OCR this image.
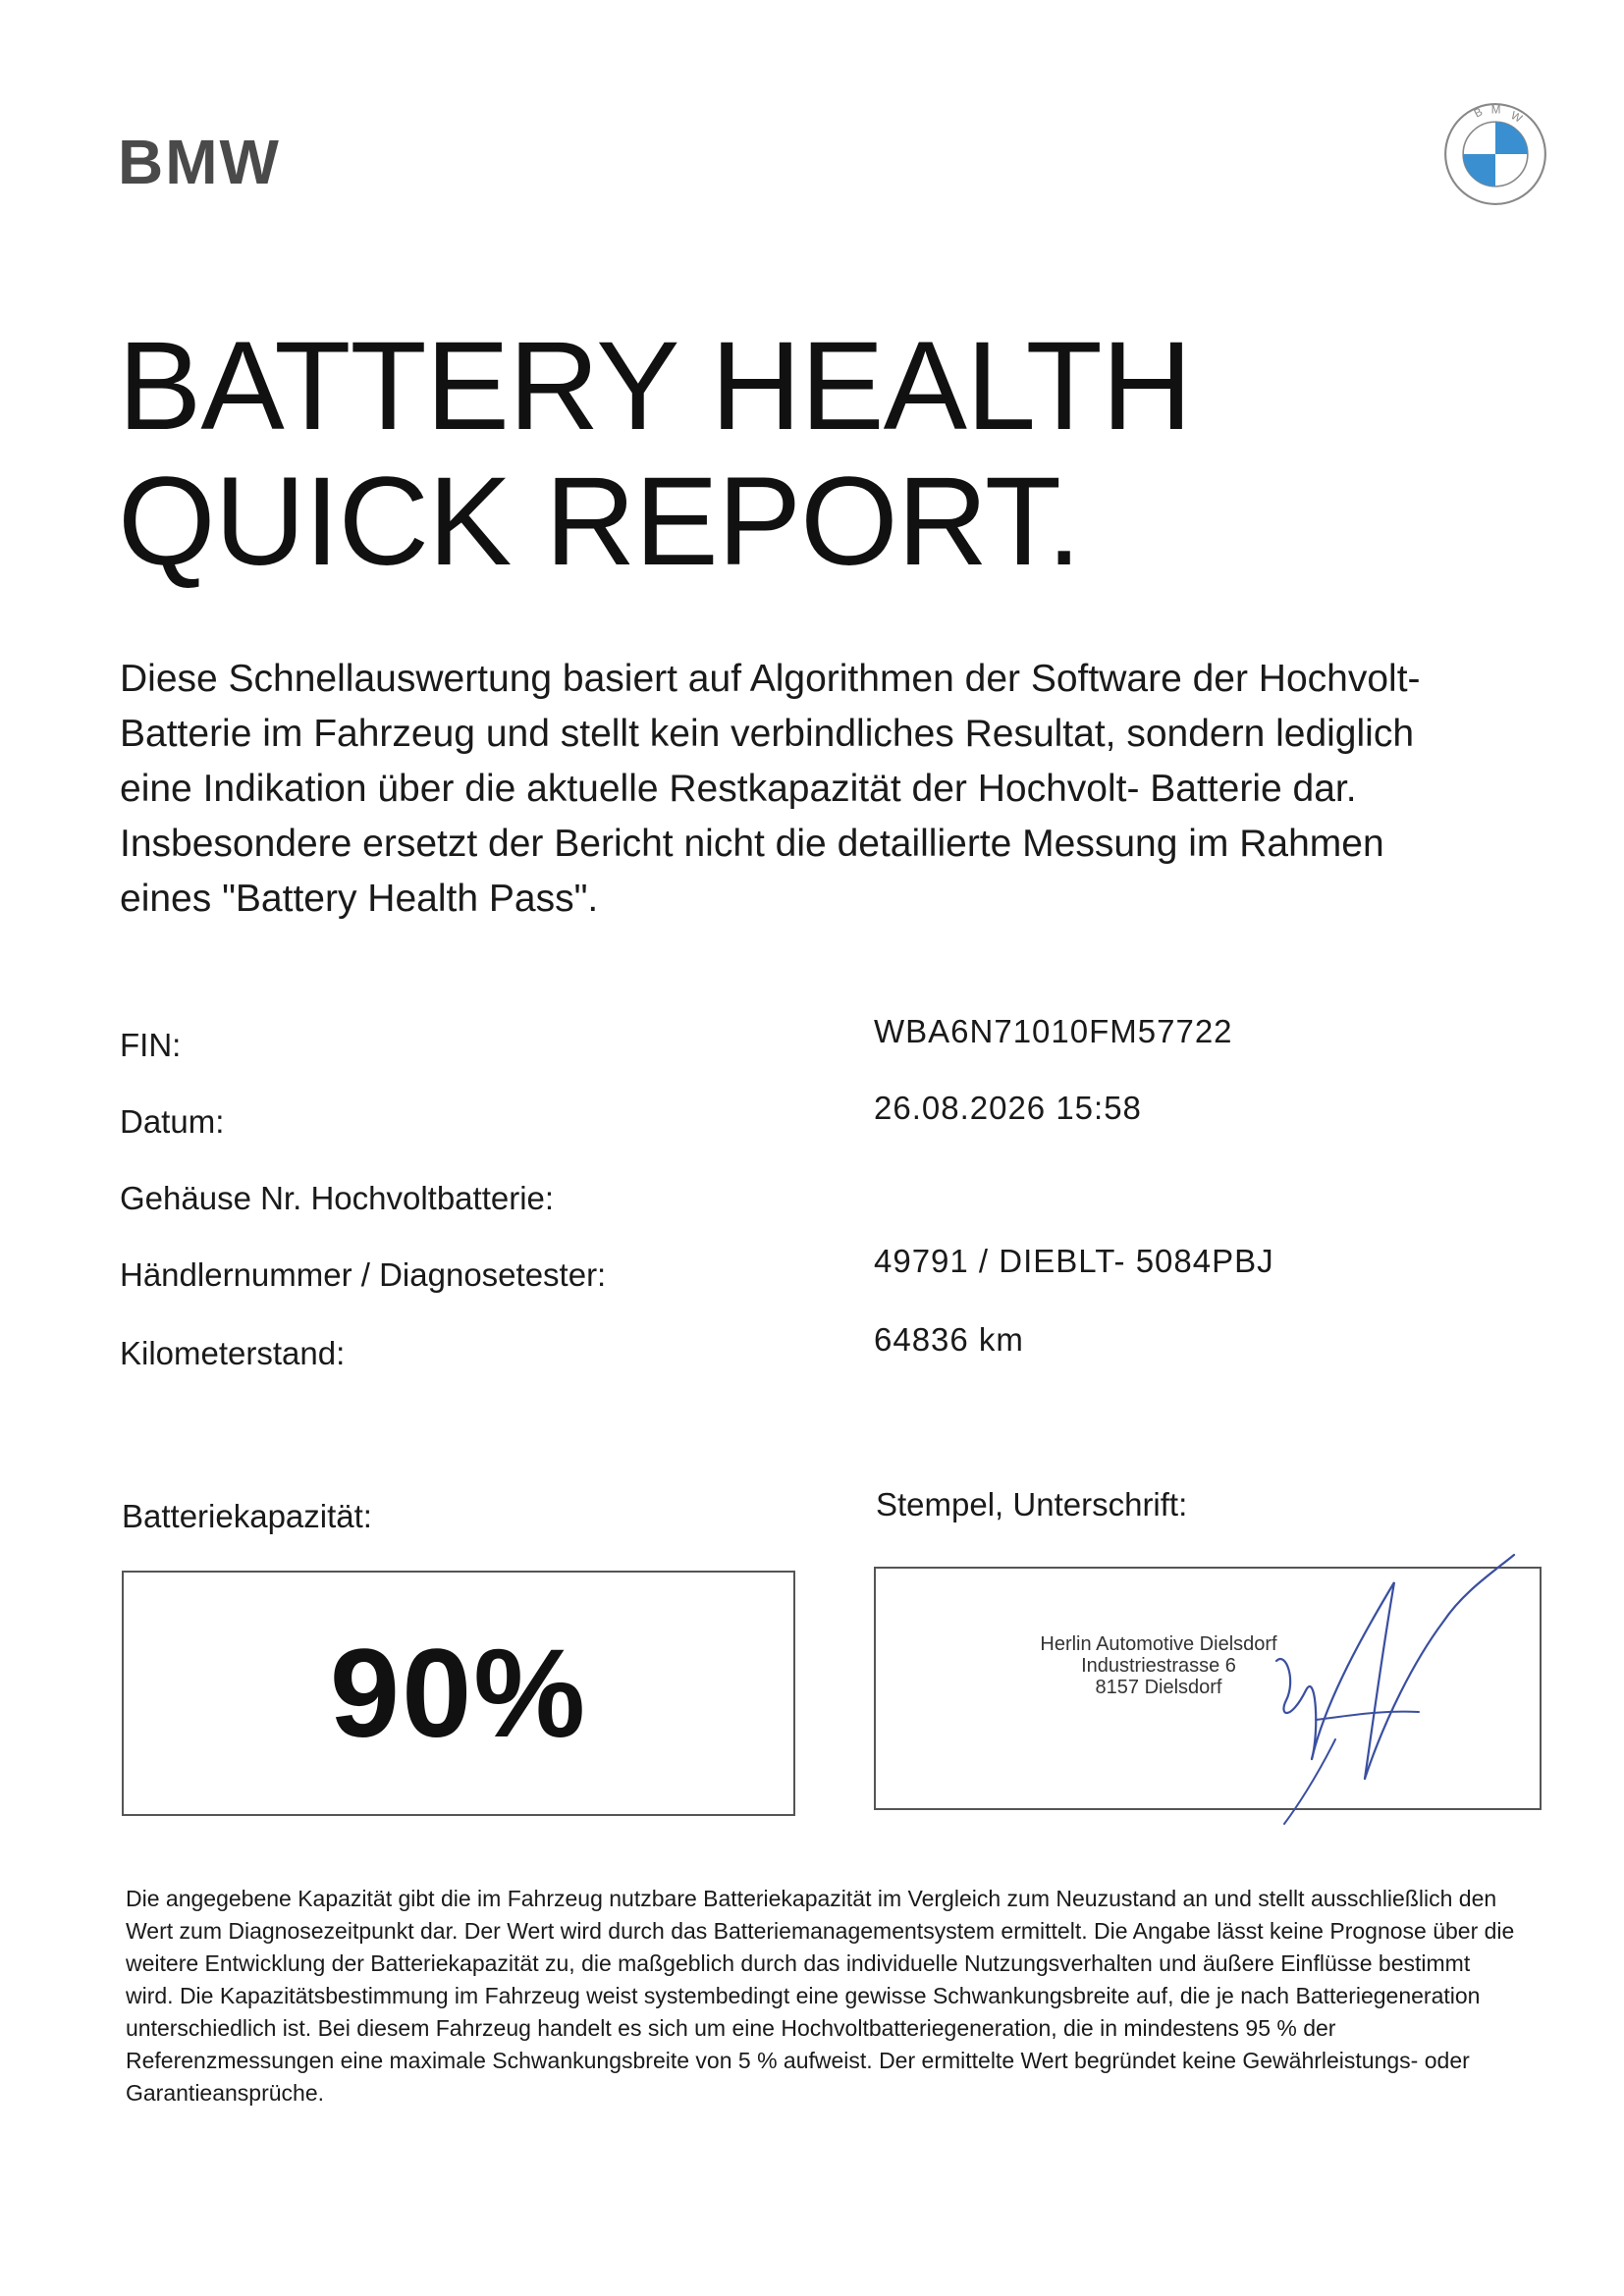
BMW
B M W
BATTERY HEALTH
QUICK REPORT.

Diese Schnellauswertung basiert auf Algorithmen der Software der Hochvolt- Batterie im Fahrzeug und stellt kein verbindliches Resultat, sondern lediglich eine Indikation über die aktuelle Restkapazität der Hochvolt- Batterie dar. Insbesondere ersetzt der Bericht nicht die detaillierte Messung im Rahmen eines "Battery Health Pass".

FIN:	WBA6N71010FM57722
Datum:	26.08.2026 15:58
Gehäuse Nr. Hochvoltbatterie:
Händlernummer / Diagnosetester:	49791 / DIEBLT- 5084PBJ
Kilometerstand:	64836 km
Batteriekapazität:
90%
Stempel, Unterschrift:
Herlin Automotive Dielsdorf
Industriestrasse 6
8157 Dielsdorf

Die angegebene Kapazität gibt die im Fahrzeug nutzbare Batteriekapazität im Vergleich zum Neuzustand an und stellt ausschließlich den Wert zum Diagnosezeitpunkt dar. Der Wert wird durch das Batteriemanagementsystem ermittelt. Die Angabe lässt keine Prognose über die weitere Entwicklung der Batteriekapazität zu, die maßgeblich durch das individuelle Nutzungsverhalten und äußere Einflüsse bestimmt wird. Die Kapazitätsbestimmung im Fahrzeug weist systembedingt eine gewisse Schwankungsbreite auf, die je nach Batteriegeneration unterschiedlich ist. Bei diesem Fahrzeug handelt es sich um eine Hochvoltbatteriegeneration, die in mindestens 95 % der Referenzmessungen eine maximale Schwankungsbreite von 5 % aufweist. Der ermittelte Wert begründet keine Gewährleistungs- oder Garantieansprüche.
